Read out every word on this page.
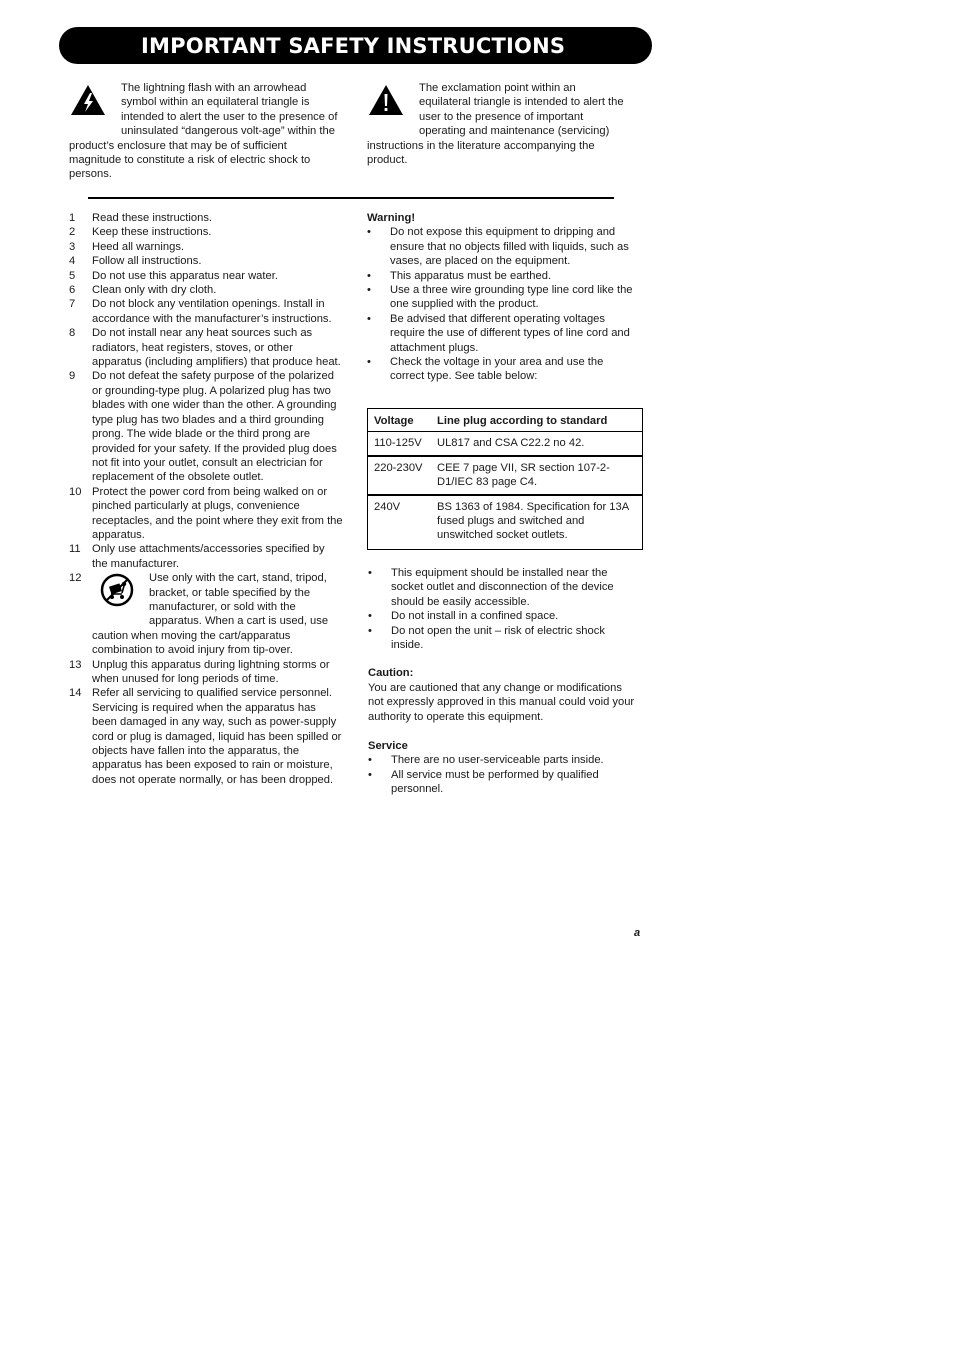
IMPORTANT SAFETY INSTRUCTIONS

The lightning flash with an arrowhead symbol within an equilateral triangle is intended to alert the user to the presence of uninsulated “dangerous volt-age” within the product’s enclosure that may be of sufficient magnitude to constitute a risk of electric shock to persons.

The exclamation point within an equilateral triangle is intended to alert the user to the presence of important operating and maintenance (servicing) instructions in the literature accompanying the product.

1 Read these instructions.
2 Keep these instructions.
3 Heed all warnings.
4 Follow all instructions.
5 Do not use this apparatus near water.
6 Clean only with dry cloth.
7 Do not block any ventilation openings. Install in accordance with the manufacturer’s instructions.
8 Do not install near any heat sources such as radiators, heat registers, stoves, or other apparatus (including amplifiers) that produce heat.
9 Do not defeat the safety purpose of the polarized or grounding-type plug. A polarized plug has two blades with one wider than the other. A grounding type plug has two blades and a third grounding prong. The wide blade or the third prong are provided for your safety. If the provided plug does not fit into your outlet, consult an electrician for replacement of the obsolete outlet.
10 Protect the power cord from being walked on or pinched particularly at plugs, convenience receptacles, and the point where they exit from the apparatus.
11 Only use attachments/accessories specified by the manufacturer.
12	Use only with the cart, stand, tripod, bracket, or table specified by the manufacturer, or sold with the apparatus. When a cart is used, use caution when moving the cart/apparatus combination to avoid injury from tip-over.
13 Unplug this apparatus during lightning storms or when unused for long periods of time.
14 Refer all servicing to qualified service personnel. Servicing is required when the apparatus has been damaged in any way, such as power-supply cord or plug is damaged, liquid has been spilled or objects have fallen into the apparatus, the apparatus has been exposed to rain or moisture, does not operate normally, or has been dropped.
Warning!
• Do not expose this equipment to dripping and ensure that no objects filled with liquids, such as vases, are placed on the equipment.
• This apparatus must be earthed.
• Use a three wire grounding type line cord like the one supplied with the product.
• Be advised that different operating voltages require the use of different types of line cord and attachment plugs.
• Check the voltage in your area and use the correct type. See table below:
Voltage	Line plug according to standard
110-125V	UL817 and CSA C22.2 no 42.

220-230V	CEE 7 page VII, SR section 107-2-D1/IEC 83 page C4.

240V	BS 1363 of 1984. Specification for 13A fused plugs and switched and unswitched socket outlets.
• This equipment should be installed near the socket outlet and disconnection of the device should be easily accessible.
• Do not install in a confined space.
• Do not open the unit – risk of electric shock inside.
Caution:
You are cautioned that any change or modifications not expressly approved in this manual could void your authority to operate this equipment.
Service
• There are no user-serviceable parts inside.
• All service must be performed by qualified personnel.
a
